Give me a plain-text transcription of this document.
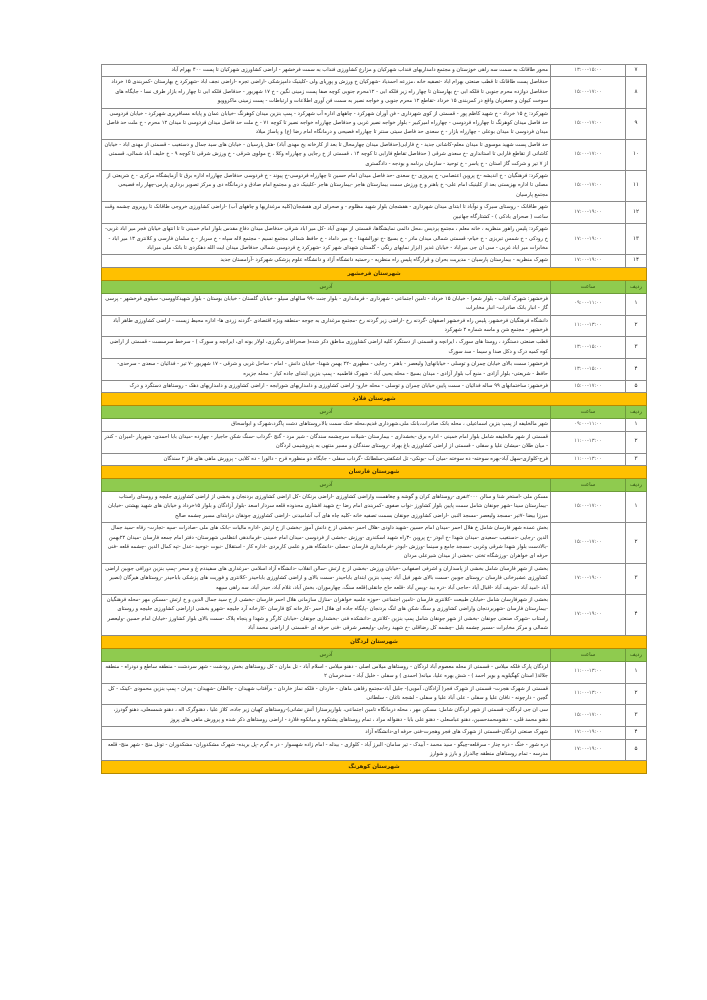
۷	۱۳:۰۰-۱۵:۰۰	محور طاقانک به سمت سه راهی خوزستان و مجتمع دامداریهای فنداب شهرکیان و مزارع کشاورزی فنداب به سمت فرخشهر - اراضی کشاورزی شهرکیان تا پست ۴۰۰ بهرام آباد
۸	۱۵:۰۰-۱۷:۰۰	حدفاصل پست طاقانک تا قطب صنعتی بهرام اباد -تصفیه خانه ،مزرعه احمدیاد -شهرکیان خ ورزش و پوریای ولی -کلینیک دامپزشکی -اراضی تجره -اراضی نجف اباد -شهرکرد خ بهارستان -کمربندی ۱۵ خرداد حدفاصل دوازده محرم جنوبی تا فلکه ابی -خ بهارستان تا چهار راه زیر فلکه ابی - ۱۲محرم جنوبی کوچه صفا پست زمینی نگین - خ ۱۷ شهریور - حدفاصل فلکه ابی تا چهار راه بازار طرف نسا - جایگاه های سوخت کیوان و جعفریان واقع در کمربندی ۱۵ خرداد -تقاطع ۱۲ محرم جنوبی و خواجه نصیر به سمت فن آوری اطلاعات و ارتباطات - پست زمینی ماکروویو
۹	۱۵:۰۰-۱۷:۰۰	شهرکرد: خ ۱۵ خرداد - خ شهید کاظم پور - قسمتی از کوی شهرداری - فن آوران شهرکرد - چاههای اداره آب شهرکرد - پمپ بنزین میدان کوهرنگ -خیابان عمان و پایانه مسافربری شهرکرد - خیابان فردوسی حد فاصل میدان کوهرنگ تا چهارراه فردوسی - چهارراه امیرکبیر - بلوار خواجه نصیر غربی و حدفاصل چهارراه خواجه نصیر تا کوچه ۷۱ - خ ملت حد فاصل میدان فردوسی تا میدان ۱۲ محرم - خ ملت حد فاصل میدان فردوسی تا میدان بوعلی - چهارراه بازار - خ سعدی حد فاصل سیتی سنتر تا چهارراه فصیحی و درمانگاه امام رضا (ع) و پاساژ میلاد
۱۰	۱۵:۰۰-۱۷:۰۰	حد فاصل پست شهید موسوی تا میدان معلم-کاشانی جدید - خ فارابی(حدفاصل میدان چهارمحال تا بعد از کارخانه یخ مهدی آباد) -هتل پارسیان - خیابان های سید جمال و دستغیب - قسمتی از مهدی اباد - خیابان کاشانی از تقاطع فارابی تا استانداری -خ سعدی شرقی ( حدفاصل تقاطع فارابی تا کوچه ۱۴ ، قسمتی از خ رجایی و چهارراه وکلا ، خ مولوی شرقی - خ ورزش شرقی تا کوچه ۹ - خ خلیف آباد شمالی، قسمتی از ۷ تیر و شرکت گاز استان - خ یاسر - خ توحید - سازمان برنامه و بودجه - دادگستری
۱۱	۱۵:۰۰-۱۷:۰۰	شهرکرد: فرهنگیان - خ اندیشه -خ پروین اعتصامی- خ پیروزی -خ سعدی -حد فاصل میدان امام حسین تا چهارراه فردوسی-خ پیوند - خ فردوسی حدفاصل چهارراه اداره برق تا آزمایشگاه مرکزی - خ شریعتی از مصلی تا اداره بهزیستی بعد از کلینیک امام علی- خ باهنر و خ ورزش سمت بیمارستان هاجر -بیمارستان هاجر -کلینیک دی و مجتمع امام صادق و درمانگاه دی و مرکز تصویر برداری پارس-چهار راه فصیحی مجتمع پارسیان
۱۲	۱۷:۰۰-۱۹:۰۰	شهر طاقانک - روستای سیرک و نوآباد تا ابتدای میدان شهرداری - هفشجان بلوار شهید مظلوم - و صحرای لری هفشجان(کلیه مرغداریها و چاههای آب) -اراضی کشاورزی خروجی طاقانک تا روبروی چشمه وقت ساعت ( صحرای بادکی ) - کشتارگاه جهانبین
۱۳	۱۷:۰۰-۱۹:۰۰	شهرکرد: پلیس راهور منظریه ، خانه معلم ، مجتمع پردیس ،محل دائمی نمایشگاها، قسمتی از مهدی آباد -کل میر اباد شرقی حدفاصل میدان دفاع مقدس بلوار امام خمینی تا تا انتهای خیابان فجر میر اباد غربی-خ رودکی - خ شمس تبریزی - خ خیام- قسمتی شمالی میدان مادر - خ بسیج -خ نورالشهدا - خ میر داماد - خ حافظ شمالی مجتمع نسیم - مجتمع لاله سپاه - خ سرباز - خ سلمان فارسی و کلانتری ۱۳ میر اباد - مخابرات میر اباد غربی - سی ان جی میراباد - خیابان غدیر (ابزار نمایهای رنگی - گلستان شهدای شهر کرد -شهرکرد خ فردوسی شمالی حدفاصل میدان ایت الله دهکردی تا بانک ملی میراباد
۱۴	۱۷:۰۰-۱۹:۰۰	شهرک منظریه - بیمارستان پارسیان - مدیریت بحران و قرارگاه پلیس راه منظریه - رحمتیه دانشگاه آزاد و دانشگاه علوم پزشکی شهرکرد -آرامستان جدید
شهرستان فرخشهر		
ردیف	ساعت	آدرس
۱	۰۹:۰۰-۱۱:۰۰	فرخشهر: شهرک آفتاب - بلوار شعرا - خیابان ۱۵ خرداد - تامین اجتماعی - شهرداری - فرمانداری - بلوار جنت -۹۹ سالهای سیلو - خیابان گلستان - خیابان بوستان - بلوار شهیدکاووسی- سیلوی فرخشهر - پرسی گاز - انبار بانک صادرات- انبار مخابرات
۲	۱۱:۰۰-۱۳:۰۰	دانشگاه فرهنگیان فرخشهر، پلیس راه فرخشهر اصفهان -گردنه رخ -اراضی زیر گردنه رخ -مجتمع مرغداری به جوجه -منطقه ویژه اقتصادی -گردنه زردی ها- اداره محیط زیست - اراضی کشاورزی طاهر آباد فرخشهر - مجتمع شن و ماسه شماره ۲ شهرکرد
۳	۱۳:۰۰-۱۵:۰۰	قطب صنعتی دستگرد ، روستا های سورک ، ایرانچه و قسمتی از دستگرد کلیه اراضی کشاورزی مناطق ذکر شده( صحرافای رنگرزی، لولار بونه ای، ایرانچه و سورک ) - سرخط سرسست - قسمتی از اراضی کوه کمیه درک و دکل صدا و سیما - سد سورک
۴	۱۳:۰۰-۱۵:۰۰	فرخشهر: سمت بالای خیابان چمران و توسلی - خیابانهای( ولیعصر - باهنر - رجایی - مطهری -۲۲ بهمن شهدا- خیابان دانش - امام - ساحل غربی و شرقی - ۱۷ شهریور -۷ تیر - فدائیان - سعدی - سرحدی- حافظ - شریعتی- بلوار آزادی - منبع آب بلوار آزادی - میدان بسیج - محله یحیی آباد - شهرک فاطمیه - پمپ بنزین ابتدای جاده کیار - محله جزیره
۵	۱۵:۰۰-۱۷:۰۰	فرخشهر: ساختمانهای ۹۹ ساله فدائیان - سمت پایین خیابان چمران و توسلی - محله خارو- اراضی کشاورزی و دامداریهای شورابجه - اراضی کشاورزی و دامداریهای دهک - روستاهای دستگرد و درک
شهرستان فلارد		
ردیف	ساعت	آدرس
۱	۰۹:۰۰-۱۱:۰۰	شهر مالخلیفه از پمپ بنزین اسماعیلی ، محله بانک صادرات،بانک ملی،شهرداری قدیم،محله خنک سمت بالا،روستاهای دشت پاگرد،شهرک و ابواسحاق
۲	۱۱:۰۰-۱۳:۰۰	قسمتی از شهر مالخلیفه شامل بلوار امام خمینی - اداره برق -بخشداری - بیمارستان -شیلات سرچشمه سندگان - شیر مرد - گنج -گرداب -سنگ شکن حاجیار - چهارده -میدان بابا احمدی- شهریار -امیران - کندر - میان طلان -میشان علیا و سفلی - قسمتی از اراضی کشاورزی باغ بهراد -روستای سندگان و مسیر منتهی به پتروشیمی لردگان
۳	۱۱:۰۰-۱۳:۰۰	فرح-کلوازی-سهل آباد-بهره سوخته- ده سوخته -میان آب -بونکی- تل اشکفتی-سلطانک -گرداب سفلی - جایگاه دو منظوره فرح - دالورا - ده کلایی - پرورش ماهی های فاز ۲ سندگان
شهرستان فارسان		
ردیف	ساعت	آدرس
۱	۱۵:۰۰-۱۷:۰۰	مسکن ملی -استخر شنا و سالن ۲۰۰۰نفری -روستاهای کران و گوشه و چغاهست واراضی کشاورزی -اراضی برنکان -کل اراضی کشاورزی بردنجان و بخشی از اراضی کشاورزی جلیچه و روستای راستاب -بیمارستان سینا -شهر جونقان شامل سمت پایین بلوار کشاورز -نواب صفوی -کمربندی امام رضا -خ شهید افشاری محدوده قلعه سردار اسعد -بلوار آزادگان و بلوار ۱۵خرداد و خیابان های شهید بهشتی -خیابان میرزا بیضا -۷تیر -مسجد ولیعصر -مسجد النبی -اراضی کشاورزی جونقان بسمت تصفیه خانه -کلیه چاه های آب آشامیدنی -اراضی کشاورزی جونقان درابتدای مسیر چشمه صالح
۲	۱۵:۰۰-۱۷:۰۰	بخش عمده شهر فارسان شامل خ هلال احمر -میدان امام حسین -شهید داودی -هلال احمر -بخشی از خ دانش آموز -بخشی از خ ارتش -اداره مالیات -بانک های ملی -صادرات -سپه -تجارت- رفاه -سید جمال الدین -رجایی -دستغیب -سعیدی -میدان شهدا -خ ابوذر -خ پروین -۳راه شهید اسکندری -ورزش -بخشی از فردوسی -میدان امام خمینی -فرماندهی انتظامی شهرستان- دفتر امام جمعه فارسان -میدان ۲۲بهمن -بالادست بلوار شهدا شرقی وغربی -مسجد جامع و سینما -ورزش -ابوذر -فرمانداری فارسان -مصلی -دانشگاه هنر و علمی کاربردی -اداره کار - استقلال -نبوت -توحید -عدل -تپه کمال الدین -چشمه قلعه -فنی حرفه ای خواهران -ورزشگاه تختی -بخشی از میدان شیرعلی مردان
۳	۱۷:۰۰-۱۹:۰۰	بخشی از شهر فارسان شامل بخشی از پاسداران و اشرفی اصفهانی -خیابان ورزش -بخشی از خ ارتش -سالن انقلاب -دانشگاه آزاد اسلامی -مرغداری های سفیددم غ و سحر -پمپ بنزین دورافی جوبین اراضی کشاورزی عشیرخانی فارسان -روستای جوبین -سمت بالای شهر فیل آباد -پمپ بنزین ابتدای باباحیدر -سمت بالای و اراضی کشاورزی باباحیدر -کلانتری و فوریت های پزشکی باباحیدر -روستاهای هیرگان (نصیر آباد -امید آباد -شریف آباد -اقبال آباد -حاجی آباد -دره بید -ویس آباد -قلعه حاج جانقلی)قلعه سنگ، چهارموران، بخش آباد، غلام آباد، حیدر آباد، سه راهی سپهه
۴	۱۷:۰۰-۱۹:۰۰	بخشی از شهرفارسان شامل -خیابان طبیعت -کلانتری فارسان -تامین اجتماعی -حوزه علمیه خواهران -منازل سازمانی هلال احمر فارسان -بخشی از خ سید جمال الدین و خ ارتش -مسکن مهر -محله فرهنگیان -بیمارستان فارسان -شهربردنجان واراضی کشاورزی و سنگ شکن های لنگ بردنجان -پایگاه جاده ای هلال احمر -کارخانه کچ فارسان -کارخانه آرد جلیچه -شهرو بخشی ازاراضی کشاورزی جلیچه و روستای راستاب -شهرک صنعتی جونقان -بخشی از شهر جونقان شامل پمپ بنزین -کلانتری -دانشکده فنی -بخشداری جونقان -خیابان کارگر و شهدا و پنجاه پلاک -سمت بالای بلوار کشاورز -خیابان امام حسین -ولیعصر شمالی و مرکز مخابرات -مسیر چشمه بلبل -چشمه کل رضاقلی -خ شهید رجایی -ولیعصر شرقی -فنی حرفه ای -قسمتی از اراضی محمد آباد
شهرستان لردگان		
ردیف	ساعت	آدرس
۱	۱۱:۰۰-۱۳:۰۰	لردگان پارک فلکه میلاس - قسمتی از محله معصوم آباد لردگان - روستاهای میلاس اصلی - دهنو میلاس - اسلام آباد - تل ماران - کل روستاهای بخش رودشت - شهر سردشت - منطقه ساطع و دودراه - منطقه جلالة( استان کهگیلویه و بویر احمد ) - شش بهره علیا، میانه( احمدی ) و سفلی - خلیل آباد - سدخرسان ۲
۲	۱۱:۰۰-۱۳:۰۰	قسمتی از شهرک هجرت- قسمتی از شهرک فجر( آزادگان، آمویی)- جلیل آباد-مجتمع رفاهی ماهان - خاردان - فلکه نماز خاردان - برآفتاب شهیدان - چالطان -شهیدان - پیران - پمپ بنزین محمودی -کینک - کل گچین - دارچونه - نافان علیا و سفلی - علی آباد علیا و سفلی - لشجه ناغان - سلطانی
۳	۱۵:۰۰-۱۷:۰۰	سی ان جی لردگان- قسمتی از شهر لردگان شامل: مسکن مهر ، محله درمانگاه تامین اجتماعی، بلوارپرستار( آتش نشانی)-روستاهای کهیان زیر جاده، کلاز علیا ، دهنوگرک اله ، دهنو شمسعلی، دهنو گودرز، دهنو محمد قلی، - دهنومحمدحسین، دهنو عباسعلی - دهنو علی بابا - دهنواله مراد ، تمام روستاهای پشتکوه و میانکوه فلارد - اراضی روستاهای ذکر شده و پرورش ماهی های پروز
۴	۱۷:۰۰-۱۹:۰۰	شهرک صنعتی لردگان-قسمتی از شهرک های فجر وهجرت-فنی حرفه ای-دانشگاه آزاد
۵	۱۷:۰۰-۱۹:۰۰	دره شور - خنگ - دره چنار - سرقلعه-چیگو - سید محمد - آبیدک - تیر سامان- البرز آباد - کلوازی - بیدله - امام زاده شهسوار - در ه گرم -پل بریده- شهرک مشکدوران- مشکدوران - تونل منج - شهر منج- قلعه مدرسه - تمام روستاهای منطقه چالدراز و بارز و شوارز
شهرستان کوهرنگ		
